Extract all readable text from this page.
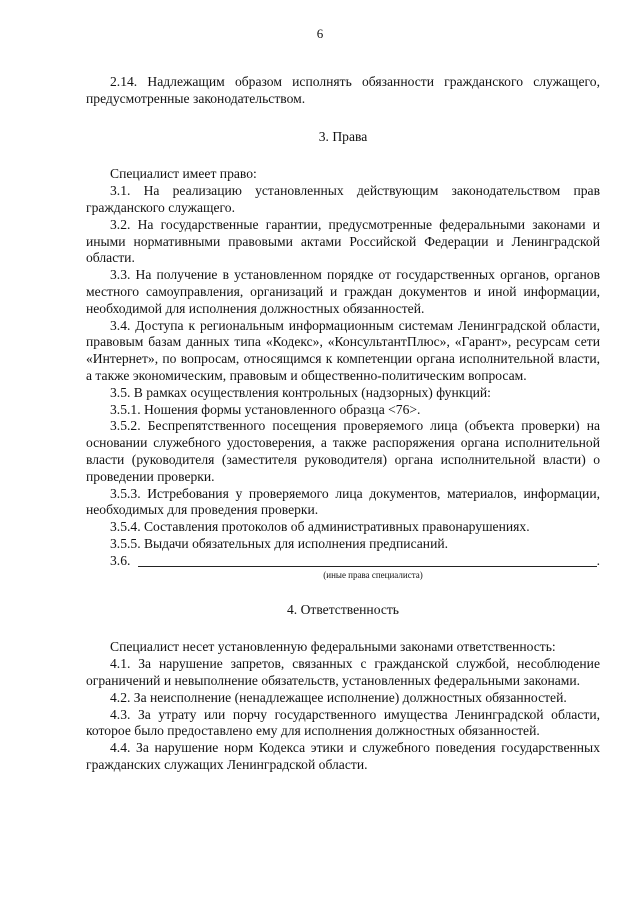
6

2.14. Надлежащим образом исполнять обязанности гражданского служащего, предусмотренные законодательством.

3. Права

Специалист имеет право:

3.1. На реализацию установленных действующим законодательством прав гражданского служащего.

3.2. На государственные гарантии, предусмотренные федеральными законами и иными нормативными правовыми актами Российской Федерации и Ленинградской области.

3.3. На получение в установленном порядке от государственных органов, органов местного самоуправления, организаций и граждан документов и иной информации, необходимой для исполнения должностных обязанностей.

3.4. Доступа к региональным информационным системам Ленинградской области, правовым базам данных типа «Кодекс», «КонсультантПлюс», «Гарант», ресурсам сети «Интернет», по вопросам, относящимся к компетенции органа исполнительной власти, а также экономическим, правовым и общественно-политическим вопросам.

3.5. В рамках осуществления контрольных (надзорных) функций:

3.5.1. Ношения формы установленного образца <76>.

3.5.2. Беспрепятственного посещения проверяемого лица (объекта проверки) на основании служебного удостоверения, а также распоряжения органа исполнительной власти (руководителя (заместителя руководителя) органа исполнительной власти) о проведении проверки.

3.5.3. Истребования у проверяемого лица документов, материалов, информации, необходимых для проведения проверки.

3.5.4. Составления протоколов об административных правонарушениях.

3.5.5. Выдачи обязательных для исполнения предписаний.

3.6.	.

(иные права специалиста)

4. Ответственность

Специалист несет установленную федеральными законами ответственность:

4.1. За нарушение запретов, связанных с гражданской службой, несоблюдение ограничений и невыполнение обязательств, установленных федеральными законами.

4.2. За неисполнение (ненадлежащее исполнение) должностных обязанностей.

4.3. За утрату или порчу государственного имущества Ленинградской области, которое было предоставлено ему для исполнения должностных обязанностей.

4.4. За нарушение норм Кодекса этики и служебного поведения государственных гражданских служащих Ленинградской области.
